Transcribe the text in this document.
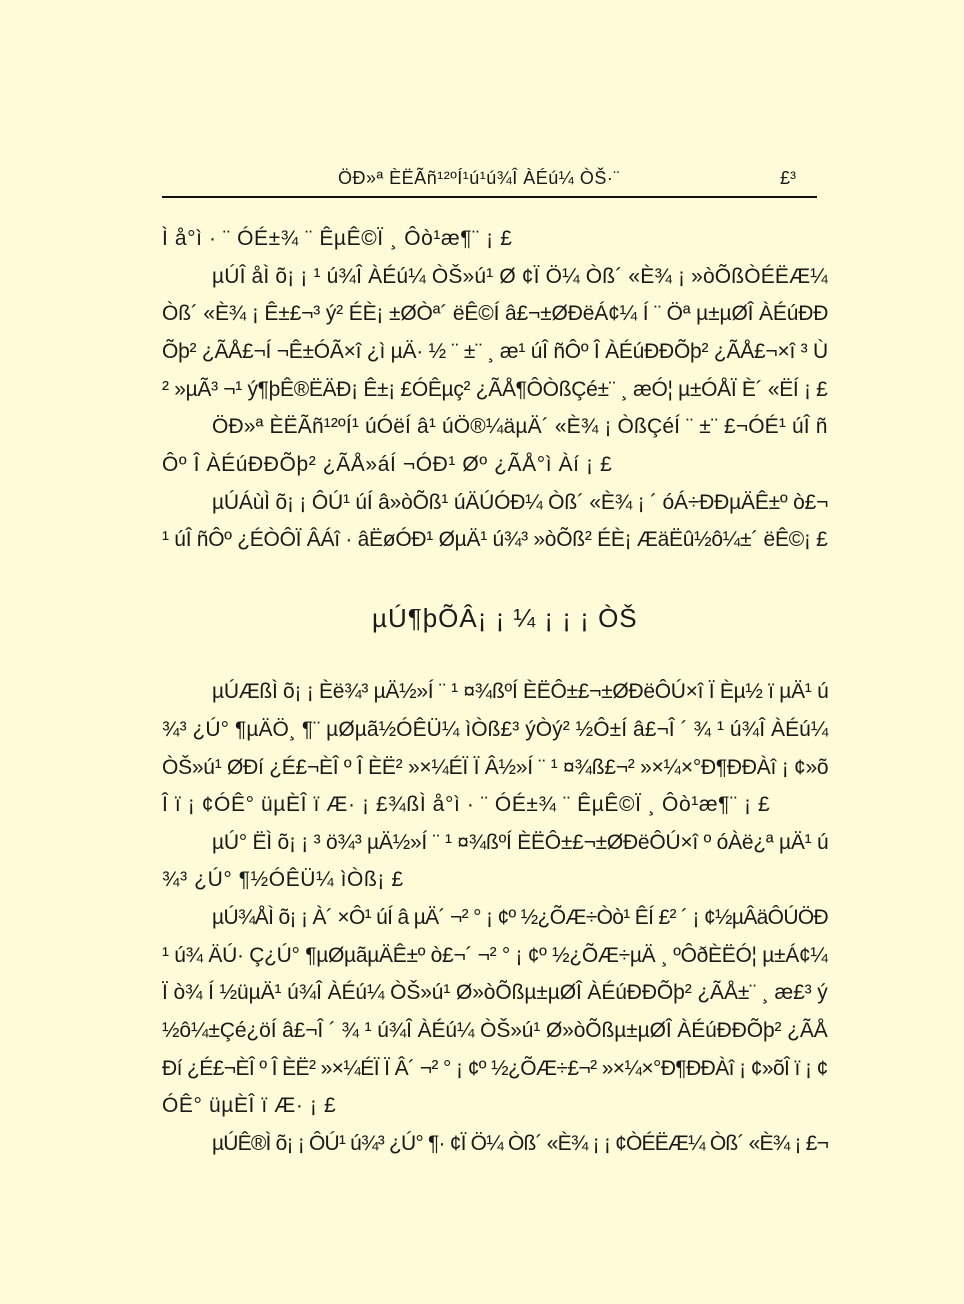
ÖÐ»ª ÈËÃñ¹²ºÍ¹ú¹ú¾Î ÀÉú¼ ÒŠ·¨	£³
Ì å°ì · ¨ ÓÉ±¾ ¨ ÊµÊ©Ï ¸ Ôò¹æ¶¨ ¡ £
µÚÎ åÌ õ¡ ¡ ¹ ú¾Î ÀÉú¼ ÒŠ»ú¹ Ø ¢Ï Ö¼ Òß´ «È¾ ¡ »òÕßÒÉËÆ¼
Òß´ «È¾ ¡ Ê±£¬³ ý² ÉÈ¡ ±ØÒª´ ëÊ©Í â£¬±ØÐëÁ¢¼ Í ¨ Öª µ±µØÎ ÀÉúÐÐ
Õþ² ¿ÃÅ£¬Í ¬Ê±ÓÃ×î ¿ì µÄ· ½ ¨ ±¨ ¸ æ¹ úÎ ñÔº Î ÀÉúÐÐÕþ² ¿ÃÅ£¬×î ³ Ù
² »µÃ³ ¬¹ ý¶þÊ®ËÄÐ¡ Ê±¡ £ÓÊµç² ¿ÃÅ¶ÔÒßÇé±¨ ¸ æÓ¦ µ±ÓÅÏ È´ «ËÍ ¡ £
ÖÐ»ª ÈËÃñ¹²ºÍ¹ úÓëÍ â¹ úÖ®¼äµÄ´ «È¾ ¡ ÒßÇéÍ ¨ ±¨ £¬ÓÉ¹ úÎ ñ
Ôº Î ÀÉúÐÐÕþ² ¿ÃÅ»áÍ ¬ÓÐ¹ Øº ¿ÃÅ°ì Àí ¡ £
µÚÁùÌ õ¡ ¡ ÔÚ¹ úÍ â»òÕß¹ úÄÚÓÐ¼ Òß´ «È¾ ¡ ´ óÁ÷ÐÐµÄÊ±º ò£¬
¹ úÎ ñÔº ¿ÉÒÔÏ ÂÁî · âËøÓÐ¹ ØµÄ¹ ú¾³ »òÕß² ÉÈ¡ ÆäËû½ô¼±´ ëÊ©¡ £
µÚ¶þÕÂ¡ ¡ ¼ ¡ ¡ ¡ ÒŠ
µÚÆßÌ õ¡ ¡ Èë¾³ µÄ½»Í ¨ ¹ ¤¾ßºÍ ÈËÔ±£¬±ØÐëÔÚ×î Ï Èµ½ ï µÄ¹ ú
¾³ ¿Ú° ¶µÄÖ¸ ¶¨ µØµã½ÓÊÜ¼ ìÒß£³ ýÒý² ½Ô±Í â£¬Î ´ ¾ ¹ ú¾Î ÀÉú¼
ÒŠ»ú¹ ØÐí ¿É£¬ÈÎ º Î ÈË² »×¼ÉÏ Ï Â½»Í ¨ ¹ ¤¾ß£¬² »×¼×°Ð¶ÐÐÀî ¡ ¢»õ
Î ï ¡ ¢ÓÊ° üµÈÎ ï Æ· ¡ £¾ßÌ å°ì · ¨ ÓÉ±¾ ¨ ÊµÊ©Ï ¸ Ôò¹æ¶¨ ¡ £
µÚ° ËÌ õ¡ ¡ ³ ö¾³ µÄ½»Í ¨ ¹ ¤¾ßºÍ ÈËÔ±£¬±ØÐëÔÚ×î º óÀë¿ª µÄ¹ ú
¾³ ¿Ú° ¶½ÓÊÜ¼ ìÒß¡ £
µÚ¾ÅÌ õ¡ ¡ À´ ×Ô¹ úÍ â µÄ´ ¬² ° ¡ ¢º ½¿ÕÆ÷Òò¹ ÊÍ £² ´ ¡ ¢½µÂäÔÚÖÐ
¹ ú¾ ÄÚ· Ç¿Ú° ¶µØµãµÄÊ±º ò£¬´ ¬² ° ¡ ¢º ½¿ÕÆ÷µÄ ¸ ºÔðÈËÓ¦ µ±Á¢¼
Ï ò¾ Í ½üµÄ¹ ú¾Î ÀÉú¼ ÒŠ»ú¹ Ø»òÕßµ±µØÎ ÀÉúÐÐÕþ² ¿ÃÅ±¨ ¸ æ£³ ý
½ô¼±Çé¿öÍ â£¬Î ´ ¾ ¹ ú¾Î ÀÉú¼ ÒŠ»ú¹ Ø»òÕßµ±µØÎ ÀÉúÐÐÕþ² ¿ÃÅ
Ðí ¿É£¬ÈÎ º Î ÈË² »×¼ÉÏ Ï Â´ ¬² ° ¡ ¢º ½¿ÕÆ÷£¬² »×¼×°Ð¶ÐÐÀî ¡ ¢»õÎ ï ¡ ¢
ÓÊ° üµÈÎ ï Æ· ¡ £
µÚÊ®Ì õ¡ ¡ ÔÚ¹ ú¾³ ¿Ú° ¶· ¢Ï Ö¼ Òß´ «È¾ ¡ ¡ ¢ÒÉËÆ¼ Òß´ «È¾ ¡ £¬
